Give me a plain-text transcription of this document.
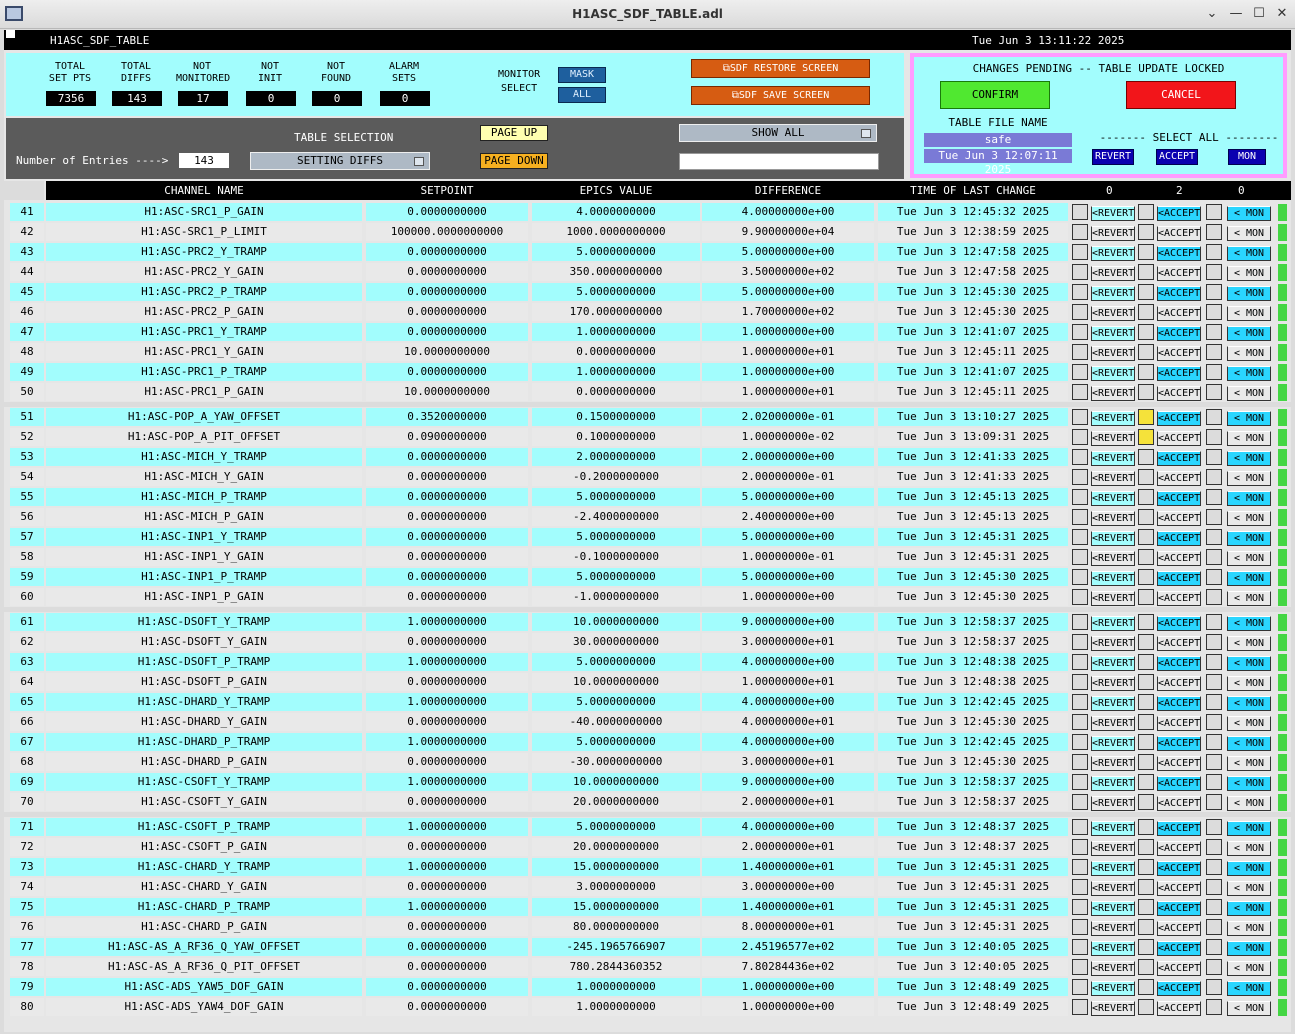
H1ASC_SDF_TABLE.adl	⌄ — ☐ ✕
H1ASC_SDF_TABLE	Tue Jun 3 13:11:22 2025
TOTAL
SET PTS
7356
TOTAL
DIFFS
143
NOT
MONITORED
17
NOT
INIT
0
NOT
FOUND
0
ALARM
SETS
0
MONITOR
SELECT
MASK
ALL
⧉SDF RESTORE SCREEN
⧉SDF SAVE SCREEN
CHANGES PENDING -- TABLE UPDATE LOCKED
CONFIRM	CANCEL
TABLE FILE NAME
safe
Tue Jun 3 12:07:11 2025
------- SELECT ALL --------
REVERT	ACCEPT	MON
TABLE SELECTION
Number of Entries ---->	143	SETTING DIFFS
PAGE UP
PAGE DOWN
SHOW ALL
CHANNEL NAME	SETPOINT	EPICS VALUE	DIFFERENCE	TIME OF LAST CHANGE	0	2	0
41	H1:ASC-SRC1_P_GAIN	0.0000000000	4.0000000000	4.00000000e+00	Tue Jun 3 12:45:32 2025	<REVERT <ACCEPT	< MON
42	H1:ASC-SRC1_P_LIMIT	100000.0000000000	1000.0000000000	9.90000000e+04	Tue Jun 3 12:38:59 2025	<REVERT <ACCEPT	< MON
43	H1:ASC-PRC2_Y_TRAMP	0.0000000000	5.0000000000	5.00000000e+00	Tue Jun 3 12:47:58 2025	<REVERT <ACCEPT	< MON
44	H1:ASC-PRC2_Y_GAIN	0.0000000000	350.0000000000	3.50000000e+02	Tue Jun 3 12:47:58 2025	<REVERT <ACCEPT	< MON
45	H1:ASC-PRC2_P_TRAMP	0.0000000000	5.0000000000	5.00000000e+00	Tue Jun 3 12:45:30 2025	<REVERT <ACCEPT	< MON
46	H1:ASC-PRC2_P_GAIN	0.0000000000	170.0000000000	1.70000000e+02	Tue Jun 3 12:45:30 2025	<REVERT <ACCEPT	< MON
47	H1:ASC-PRC1_Y_TRAMP	0.0000000000	1.0000000000	1.00000000e+00	Tue Jun 3 12:41:07 2025	<REVERT <ACCEPT	< MON
48	H1:ASC-PRC1_Y_GAIN	10.0000000000	0.0000000000	1.00000000e+01	Tue Jun 3 12:45:11 2025	<REVERT <ACCEPT	< MON
49	H1:ASC-PRC1_P_TRAMP	0.0000000000	1.0000000000	1.00000000e+00	Tue Jun 3 12:41:07 2025	<REVERT <ACCEPT	< MON
50	H1:ASC-PRC1_P_GAIN	10.0000000000	0.0000000000	1.00000000e+01	Tue Jun 3 12:45:11 2025	<REVERT <ACCEPT	< MON
51	H1:ASC-POP_A_YAW_OFFSET	0.3520000000	0.1500000000	2.02000000e-01	Tue Jun 3 13:10:27 2025	<REVERT <ACCEPT	< MON
52	H1:ASC-POP_A_PIT_OFFSET	0.0900000000	0.1000000000	1.00000000e-02	Tue Jun 3 13:09:31 2025	<REVERT <ACCEPT	< MON
53	H1:ASC-MICH_Y_TRAMP	0.0000000000	2.0000000000	2.00000000e+00	Tue Jun 3 12:41:33 2025	<REVERT <ACCEPT	< MON
54	H1:ASC-MICH_Y_GAIN	0.0000000000	-0.2000000000	2.00000000e-01	Tue Jun 3 12:41:33 2025	<REVERT <ACCEPT	< MON
55	H1:ASC-MICH_P_TRAMP	0.0000000000	5.0000000000	5.00000000e+00	Tue Jun 3 12:45:13 2025	<REVERT <ACCEPT	< MON
56	H1:ASC-MICH_P_GAIN	0.0000000000	-2.4000000000	2.40000000e+00	Tue Jun 3 12:45:13 2025	<REVERT <ACCEPT	< MON
57	H1:ASC-INP1_Y_TRAMP	0.0000000000	5.0000000000	5.00000000e+00	Tue Jun 3 12:45:31 2025	<REVERT <ACCEPT	< MON
58	H1:ASC-INP1_Y_GAIN	0.0000000000	-0.1000000000	1.00000000e-01	Tue Jun 3 12:45:31 2025	<REVERT <ACCEPT	< MON
59	H1:ASC-INP1_P_TRAMP	0.0000000000	5.0000000000	5.00000000e+00	Tue Jun 3 12:45:30 2025	<REVERT <ACCEPT	< MON
60	H1:ASC-INP1_P_GAIN	0.0000000000	-1.0000000000	1.00000000e+00	Tue Jun 3 12:45:30 2025	<REVERT <ACCEPT	< MON
61	H1:ASC-DSOFT_Y_TRAMP	1.0000000000	10.0000000000	9.00000000e+00	Tue Jun 3 12:58:37 2025	<REVERT <ACCEPT	< MON
62	H1:ASC-DSOFT_Y_GAIN	0.0000000000	30.0000000000	3.00000000e+01	Tue Jun 3 12:58:37 2025	<REVERT <ACCEPT	< MON
63	H1:ASC-DSOFT_P_TRAMP	1.0000000000	5.0000000000	4.00000000e+00	Tue Jun 3 12:48:38 2025	<REVERT <ACCEPT	< MON
64	H1:ASC-DSOFT_P_GAIN	0.0000000000	10.0000000000	1.00000000e+01	Tue Jun 3 12:48:38 2025	<REVERT <ACCEPT	< MON
65	H1:ASC-DHARD_Y_TRAMP	1.0000000000	5.0000000000	4.00000000e+00	Tue Jun 3 12:42:45 2025	<REVERT <ACCEPT	< MON
66	H1:ASC-DHARD_Y_GAIN	0.0000000000	-40.0000000000	4.00000000e+01	Tue Jun 3 12:45:30 2025	<REVERT <ACCEPT	< MON
67	H1:ASC-DHARD_P_TRAMP	1.0000000000	5.0000000000	4.00000000e+00	Tue Jun 3 12:42:45 2025	<REVERT <ACCEPT	< MON
68	H1:ASC-DHARD_P_GAIN	0.0000000000	-30.0000000000	3.00000000e+01	Tue Jun 3 12:45:30 2025	<REVERT <ACCEPT	< MON
69	H1:ASC-CSOFT_Y_TRAMP	1.0000000000	10.0000000000	9.00000000e+00	Tue Jun 3 12:58:37 2025	<REVERT <ACCEPT	< MON
70	H1:ASC-CSOFT_Y_GAIN	0.0000000000	20.0000000000	2.00000000e+01	Tue Jun 3 12:58:37 2025	<REVERT <ACCEPT	< MON
71	H1:ASC-CSOFT_P_TRAMP	1.0000000000	5.0000000000	4.00000000e+00	Tue Jun 3 12:48:37 2025	<REVERT <ACCEPT	< MON
72	H1:ASC-CSOFT_P_GAIN	0.0000000000	20.0000000000	2.00000000e+01	Tue Jun 3 12:48:37 2025	<REVERT <ACCEPT	< MON
73	H1:ASC-CHARD_Y_TRAMP	1.0000000000	15.0000000000	1.40000000e+01	Tue Jun 3 12:45:31 2025	<REVERT <ACCEPT	< MON
74	H1:ASC-CHARD_Y_GAIN	0.0000000000	3.0000000000	3.00000000e+00	Tue Jun 3 12:45:31 2025	<REVERT <ACCEPT	< MON
75	H1:ASC-CHARD_P_TRAMP	1.0000000000	15.0000000000	1.40000000e+01	Tue Jun 3 12:45:31 2025	<REVERT <ACCEPT	< MON
76	H1:ASC-CHARD_P_GAIN	0.0000000000	80.0000000000	8.00000000e+01	Tue Jun 3 12:45:31 2025	<REVERT <ACCEPT	< MON
77	H1:ASC-AS_A_RF36_Q_YAW_OFFSET	0.0000000000	-245.1965766907	2.45196577e+02	Tue Jun 3 12:40:05 2025	<REVERT <ACCEPT	< MON
78	H1:ASC-AS_A_RF36_Q_PIT_OFFSET	0.0000000000	780.2844360352	7.80284436e+02	Tue Jun 3 12:40:05 2025	<REVERT <ACCEPT	< MON
79	H1:ASC-ADS_YAW5_DOF_GAIN	0.0000000000	1.0000000000	1.00000000e+00	Tue Jun 3 12:48:49 2025	<REVERT <ACCEPT	< MON
80	H1:ASC-ADS_YAW4_DOF_GAIN	0.0000000000	1.0000000000	1.00000000e+00	Tue Jun 3 12:48:49 2025	<REVERT <ACCEPT	< MON
